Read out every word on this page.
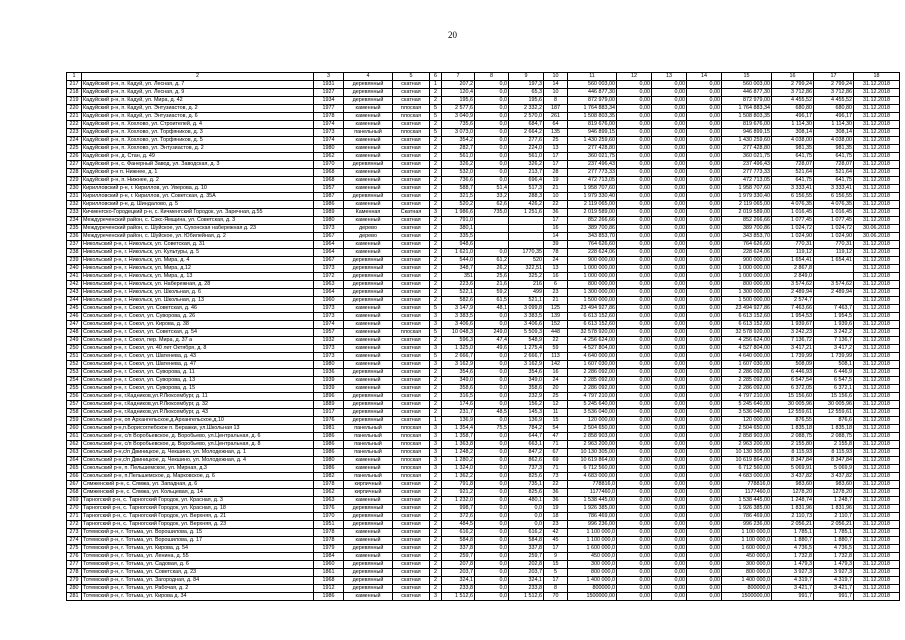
20
1	2	3	4	5	6	7	8	9	10	11	12	13	14	15	16	17	18
217	Кадуйский р-н, п. Кадуй, ул. Лесная, д. 7	1931	деревянный	скатная	1	207,2	0,0	197,3	14	560 003,00	0,00	0,00	0,00	560 003,00	2 799,24	2 799,24	31.12.2018
218	Кадуйский р-н, п. Кадуй, ул. Лесная, д. 9	1927	деревянный	скатная	2	120,4	0,0	65,3	10	446 877,30	0,00	0,00	0,00	446 877,30	3 712,86	3 712,86	31.12.2018
219	Кадуйский р-н, п. Кадуй, ул. Мира, д. 42	1934	деревянный	скатная	2	195,6	0,0	195,6	8	872 979,00	0,00	0,00	0,00	872 979,00	4 455,52	4 455,52	31.12.2018
220	Кадуйский р-н, п. Кадуй, ул. Энтузиастов, д. 2	1977	каменный	плоская	5	2 577,6	0,0	2 332,2	187	1 764 883,34	0,00	0,00	0,00	1 764 883,34	680,80	680,80	31.12.2018
221	Кадуйский р-н, п. Кадуй, ул. Энтузиастов, д. 6	1978	каменный	плоская	5	3 040,9	0,0	2 570,0	261	1 508 803,35	0,00	0,00	0,00	1 508 803,35	496,17	496,17	31.12.2018
222	Кадуйский р-н, п. Хохлово, ул. Строителей, д. 4	1974	каменный	скатная	2	735,6	0,0	684,7	64	819 676,00	0,00	0,00	0,00	819 676,00	1 114,30	1 114,30	31.12.2018
223	Кадуйский р-н, п. Хохлово, ул. Торфяников, д. 3	1973	панельный	плоская	5	3 073,0	0,0	2 664,2	135	946 899,15	0,00	0,00	0,00	946 899,15	308,14	308,14	31.12.2018
224	Кадуйский р-н, п. Хохлово, ул. Торфяников, д. 5	1974	каменный	скатная	2	354,2	0,0	277,6	25	1 430 259,60	0,00	0,00	0,00	1 430 259,60	4 038,00	4 038,00	31.12.2018
225	Кадуйский р-н, п. Хохлово, ул. Энтузиастов, д. 2	1980	каменный	скатная	2	282,7	0,0	224,0	13	277 428,80	0,00	0,00	0,00	277 428,80	981,35	981,35	31.12.2018
226	Кадуйский р-н, д. Стан, д. 49	1962	каменный	скатная	2	561,0	0,0	561,0	17	360 021,75	0,00	0,00	0,00	360 021,75	641,75	641,75	31.12.2018
227	Кадуйский р-н, с. Фанерный Завод, ул. Заводская, д. 3	1970	деревянный	скатная	2	326,2	0,0	326,2	17	237 496,43	0,00	0,00	0,00	237 496,43	728,07	728,07	31.12.2018
228	Кадуйский р-н п. Нижнее, д. 1	1968	каменный	скатная	2	532,0	0,0	213,7	28	277 773,33	0,00	0,00	0,00	277 773,33	521,64	521,64	31.12.2018
229	Кадуйский р-н, п. Нижнее, д. 2	1968	каменный	скатная	2	736,6	0,0	696,4	19	472 713,05	0,00	0,00	0,00	472 713,05	641,75	641,75	31.12.2018
230	Кирилловский р-н, г. Кириллов, ул. Уверова, д. 10	1957	каменный	скатная	2	588,7	51,4	517,3	21	1 958 707,60	0,00	0,00	0,00	1 958 707,60	3 333,41	3 333,41	31.12.2018
231	Кирилловский р-н, г. Кириллов, ул. Советская, д. 35А	1987	деревянный	скатная	2	321,5	33,2	288,3	10	1 979 330,40	0,00	0,00	0,00	1 979 330,40	6 156,55	6 156,55	31.12.2018
232	Кирилловский р-н, д. Шиндалово, д. 5	1986	каменный	скатная	2	520,2	62,6	426,2	22	2 119 065,00	0,00	0,00	0,00	2 119 065,00	4 076,35	4 076,35	31.12.2018
233	Кичменгско-Городецкий р-н, с. Кичменгский Городок, ул. Заречная, д.55	1989	Каменная	Скатная	3	1 986,6	735,0	1 251,6	36	2 019 589,00	0,00	0,00	0,00	2 019 589,00	1 016,45	1 016,45	31.12.2018
234	Междуреченский район, с. Сэкс-Ямщина, ул. Советская, д. 3	1980	каменный	скатная	2	791,0			17	852 266,66	0,00	0,00	0,00	852 266,66	1 077,45	1 077,45	31.12.2018
235	Междуреченский район, с. Шуйское, ул. Сухонская набережная д. 23	1973	дерево	скатная	2	380,1			16	389 700,86	0,00	0,00	0,00	389 700,86	1 024,72	1 024,72	30.06.2018
236	Междуреченский район, с. Шуйское, ул. Юбилейная, д. 2	1967	дерево	скатная	2	335,5			14	343 853,70	0,00	0,00	0,00	343 853,70	1 024,90	1 024,90	30.06.2018
237	Никольский р-н, г. Никольск, ул. Советская, д. 31	1964	каменный	скатная	2	948,6			39	764 626,60	0,00	0,00	0,00	764 626,60	770,31	770,31	31.12.2018
238	Никольский р-н, г. Никольск, ул. Культуры, д. 5	1964	каменный	скатная	2	1 621,0	0,0	1770,35	78	228 624,06	0,00	0,00	0,00	228 624,06	119,12	119,12	31.12.2018
239	Никольский р-н, г. Никольск, ул. Мира, д. 4	1967	деревянный	скатная	2	544,0	61,2	520	24	900 000,00	0,00	0,00	0,00	900 000,00	1 654,41	1 654,41	31.12.2018
240	Никольский р-н, г. Никольск, ул. Мира, д.12	1973	деревянный	скатная	2	348,7	26,2	322,51	13	1 000 000,00	0,00	0,00	0,00	1 000 000,00	2 867,8		31.12.2018
241	Никольский р-н, г. Никольск, ул. Мира, д. 13	1972	деревянный	скатная	2	351	25,6	325,2	16	1 000 000,00	0,00	0,00	0,00	1 000 000,00	2 849,0		31.12.2018
242	Никольский р-н, г. Никольск, ул. Набережная, д. 28	1963	деревянный	скатная	2	223,6	21,6	216	6	800 000,00	0,00	0,00	0,00	800 000,00	3 574,62	3 574,62	31.12.2018
243	Никольский р-н, г. Никольск, ул. Школьная, д. 6	1964	деревянный	скатная	2	522,1	59,2	499	23	1 300 000,00	0,00	0,00	0,00	1 300 000,00	2 489,94	2 489,94	31.12.2018
244	Никольский р-н, г. Никольск, ул. Школьная, д. 13	1960	деревянный	скатная	2	582,6	61,5	521,1	21	1 500 000,00	0,00	0,00	0,00	1 500 000,00	2 574,7		31.12.2018
245	Сокольский р-н, г. Сокол, ул. Советская, д. 46	1973	каменный	скатная	5	3 147,9	48,1	3 099,8	125	23 494 927,86	0,00	0,00	0,00	23 494 927,86	7 463,66	7 463,7	31.12.2018
246	Сокольский р-н, г. Сокол, ул. Суворова, д. 26	1973	каменный	скатная	3	3 383,5	0,0	3 383,5	139	6 613 152,60	0,00	0,00	0,00	6 613 152,60	1 954,53	1 954,5	31.12.2018
247	Сокольский р-н, г. Сокол, ул. Кирова, д. 38	1974	каменный	скатная	3	3 406,6	0,0	3 406,6	152	6 613 152,60	0,00	0,00	0,00	6 613 152,60	1 939,67	1 939,6	31.12.2018
248	Сокольский р-н, г. Сокол, ул. Советская, д. 54	1957	каменный	плоская	5	10 048,3	249,0	5 509,3	448	32 578 920,00	0,00	0,00	0,00	32 578 920,00	3 242,23	3 242,2	31.12.2018
249	Сокольский р-н, г. Сокол, пер. Мира, д. 37 а	1932	каменный	скатная	2	596,3	47,4	548,9	22	4 256 624,00	0,00	0,00	0,00	4 256 624,00	7 136,72	7 136,7	31.12.2018
250	Сокольский р-н, г. Сокол, ул. 40 лет Октября, д. 8	1973	каменный	скатная	3	1 325,0	49,6	1 275,4	59	4 527 804,00	0,00	0,00	0,00	4 527 804,00	3 417,21	3 417,2	31.12.2018
251	Сокольский р-н, г. Сокол, ул. Шатенева, д. 43	1973	каменный	скатная	5	2 666,7	0,0	2 666,7	113	4 640 000,00	0,00	0,00	0,00	4 640 000,00	1 739,99	1 739,99	31.12.2018
252	Сокольский р-н, г. Сокол, ул. Шатенева, д. 47	1980	каменный	скатная	3	3 162,9	0,0	3 162,9	142	1 607 030,00	0,00	0,00	0,00	1 607 030,00	508,09	508,1	31.12.2018
253	Сокольский р-н, г. Сокол, ул. Суворова, д. 11	1936	деревянный	скатная	2	354,6	0,0	354,6	16	2 286 092,00	0,00	0,00	0,00	2 286 092,00	6 446,93	6 446,9	31.12.2018
254	Сокольский р-н, г. Сокол, ул. Суворова, д. 13	1939	каменный	скатная	2	349,0	0,0	349,0	24	2 285 092,00	0,00	0,00	0,00	2 285 092,00	6 547,54	6 547,5	31.12.2018
255	Сокольский р-н, г. Сокол, ул. Суворова, д. 15	1939	каменный	скатная	2	358,6	0,0	358,6	20	2 286 092,00	0,00	0,00	0,00	2 286 092,00	6 372,05	6 372,1	31.12.2018
256	Сокольский р-н, г.Кадников,ул.Р.Люксембург, д. 11	1896	деревянный	скатная	2	316,5	0,0	232,9	25	4 797 210,00	0,00	0,00	0,00	4 797 210,00	15 156,60	15 156,6	31.12.2018
257	Сокольский р-н, г.Кадников,ул.Р.Люксембург, д. 32	1889	деревянный	скатная	2	174,6	0,0	156,2	12	5 245 640,00	0,00	0,00	0,00	5 245 640,00	30 005,96	30 005,96	31.12.2018
258	Сокольский р-н, г.Кадников,ул.Р.Люксембург, д. 43	1917	деревянный	скатная	2	231,7	48,5	145,3	11	3 536 040,00	0,00	0,00	0,00	3 536 040,00	12 559,61	12 559,61	31.12.2018
259	Сокольский р-н, оп Архангельское,д.Архангельское,д.10	1976	деревянный	скатная	1	136,9	0,0	136,9	15	120 000,00	0,00	0,00	0,00	120 000,00	876,55	876,6	31.12.2018
260	Сокольский р-н,п.Борисоглебское п. Беражки, ул.Школьная 13	1981	панельный	плоская	3	1 354,4	75,5	784,2	54	2 504 650,00	0,00	0,00	0,00	2 504 650,00	1 835,18	1 835,18	31.12.2018
261	Сокольский р-н, с/п Воробьевское, д. Воробьево, ул.Центральная, д. 6	1986	панельный	плоская	3	1 358,7	0,0	644,7	47	2 858 903,00	0,00	0,00	0,00	2 858 903,00	2 088,75	2 088,75	31.12.2018
262	Сокольский р-н, с/п Воробьевское, д. Воробьево, ул.Центральная, д. 8	1986	панельный	плоская	3	1 363,8	0,0	663,1	71	2 963 200,00	0,00	0,00	0,00	2 963 200,00	2 155,80	2 155,8	31.12.2018
263	Сокольский р-н,с/п Двиницкое, д. Чекшино, ул. Молодежная, д. 1	1986	панельный	плоская	3	1 248,2	0,0	847,2	67	10 130 305,00	0,00	0,00	0,00	10 130 305,00	8 115,93	8 115,93	31.12.2018
264	Сокольский р-н,с/п Двиницкое, д. Чекшино, ул. Молодежная, д. 4	1980	каменный	плоская	3	1 280,2	0,0	862,6	69	10 619 864,00	0,00	0,00	0,00	10 619 864,00	8 347,84	8 347,84	31.12.2018
265	Сокольский р-н, п. Пельшемское, ул. Мирная, д.3	1986	каменный	плоская	3	1 324,0	0,0	737,3	71	6 712 560,00	0,00	0,00	0,00	6 712 560,00	5 069,91	5 069,9	31.12.2018
266	Сокольский р-н, п.Пельшемское, д. Марковское, д. 6	1982	панельный	плоская	2	1 362,2	0,0	825,6	73	4 683 000,00	0,00	0,00	0,00	4 683 000,00	3 437,82	3 437,82	31.12.2018
267	Сямженский р-н, с. Сямжа, ул. Западная, д. 6	1978	кирпичный	скатная	2	791,8	0,0	735,1	22	778816,0	0,00	0,00	0,00	778816,0	983,60	983,60	31.12.2018
268	Сямженский р-н, с. Сямжа, ул. Кольцевая, д. 14	1962	кирпичный	скатная	2	921,2	0,0	825,6	36	1177460,0	0,00	0,00	0,00	1177460,0	1278,20	1278,20	31.12.2018
269	Тарногский р-н, с. Тарногский Городок, ул. Красная, д. 3	1963	каменный	скатная	2	1 232,0	0,0	480,1	36	1 538 445,00	0,00	0,00	0,00	1 538 445,00	1 248,74	1 248,7	31.12.2018
270	Тарногский р-н, с. Тарногский Городок, ул. Красная, д. 18	1976	деревянный	скатная	2	998,7	0,0	0,0	19	1 926 385,00	0,00	0,00	0,00	1 926 385,00	1 831,96	1 831,96	31.12.2018
271	Тарногский р-н, с. Тарногский Городок, ул. Верхняя, д. 21	1970	деревянный	скатная	2	372,6	0,0	0,0	18	786 469,00	0,00	0,00	0,00	786 469,00	2 110,73	2 110,7	31.12.2018
272	Тарногский р-н, с. Тарногский Городок, ул. Верхняя, д. 23	1951	деревянный	скатная	2	484,5	0,0	0,0	23	996 236,00	0,00	0,00	0,00	996 236,00	2 056,21	2 056,21	31.12.2018
273	Тотемский р-н, г. Тотьма, ул. Ворошилова, д. 15	1978	каменный	скатная	2	616,2	0,0	616,2	42	1 100 000,0	0,00	0,00	0,00	1 100 000,0	1 785,1	1 785,1	31.12.2018
274	Тотемский р-н, г. Тотьма, ул. Ворошилова, д. 17	1978	каменный	скатная	2	584,8	0,0	584,8	45	1 100 000,0	0,00	0,00	0,00	1 100 000,0	1 880,7	1 880,7	31.12.2018
275	Тотемский р-н, г. Тотьма, ул. Кирова, д. 54	1979	деревянный	скатная	2	337,8	0,0	337,8	17	1 600 000,0	0,00	0,00	0,00	1 600 000,0	4 736,5	4 736,5	31.12.2018
276	Тотемский р-н, г. Тотьма, ул. Ленина, д. 55	1984	каменный	скатная	2	259,7	0,0	259,7	9	450 000,0	0,00	0,00	0,00	450 000,0	1 732,8	1 732,8	31.12.2018
277	Тотемский р-н, г. Тотьма, ул. Садовая, д. 6	1960	деревянный	скатная	2	207,8	0,0	202,8	15	300 000,0	0,00	0,00	0,00	300 000,0	1 479,3	1 479,3	31.12.2018
278	Тотемский р-н, г. Тотьма, ул. Советская, д. 23	1861	деревянный	скатная	2	203,7	0,0	203,7	5	800 000,0	0,00	0,00	0,00	800 000,0	3 927,3	3 927,3	31.12.2018
279	Тотемский р-н, г. Тотьма, ул. Загородная, д. 84	1968	деревянный	скатная	2	324,1	0,0	324,1	17	1 400 000,0	0,00	0,00	0,00	1 400 000,0	4 319,7	4 319,7	31.12.2018
280	Тотемский р-н, г. Тотьма, ул. Рабочая, д. 2	1912	деревянный	скатная	2	233,8	0,0	233,8	8	800000,0	0,00	0,00	0,00	800000,0	3 421,7	3 421,7	31.12.2018
281	Тотемский р-н, г. Тотьма, ул. Кирова д. 34	1986	каменный	скатная	3	1 512,6	0,0	1 512,6	70	1500000,00	0,00	0,00	0,00	1500000,00	991,7	991,7	31.12.2018
